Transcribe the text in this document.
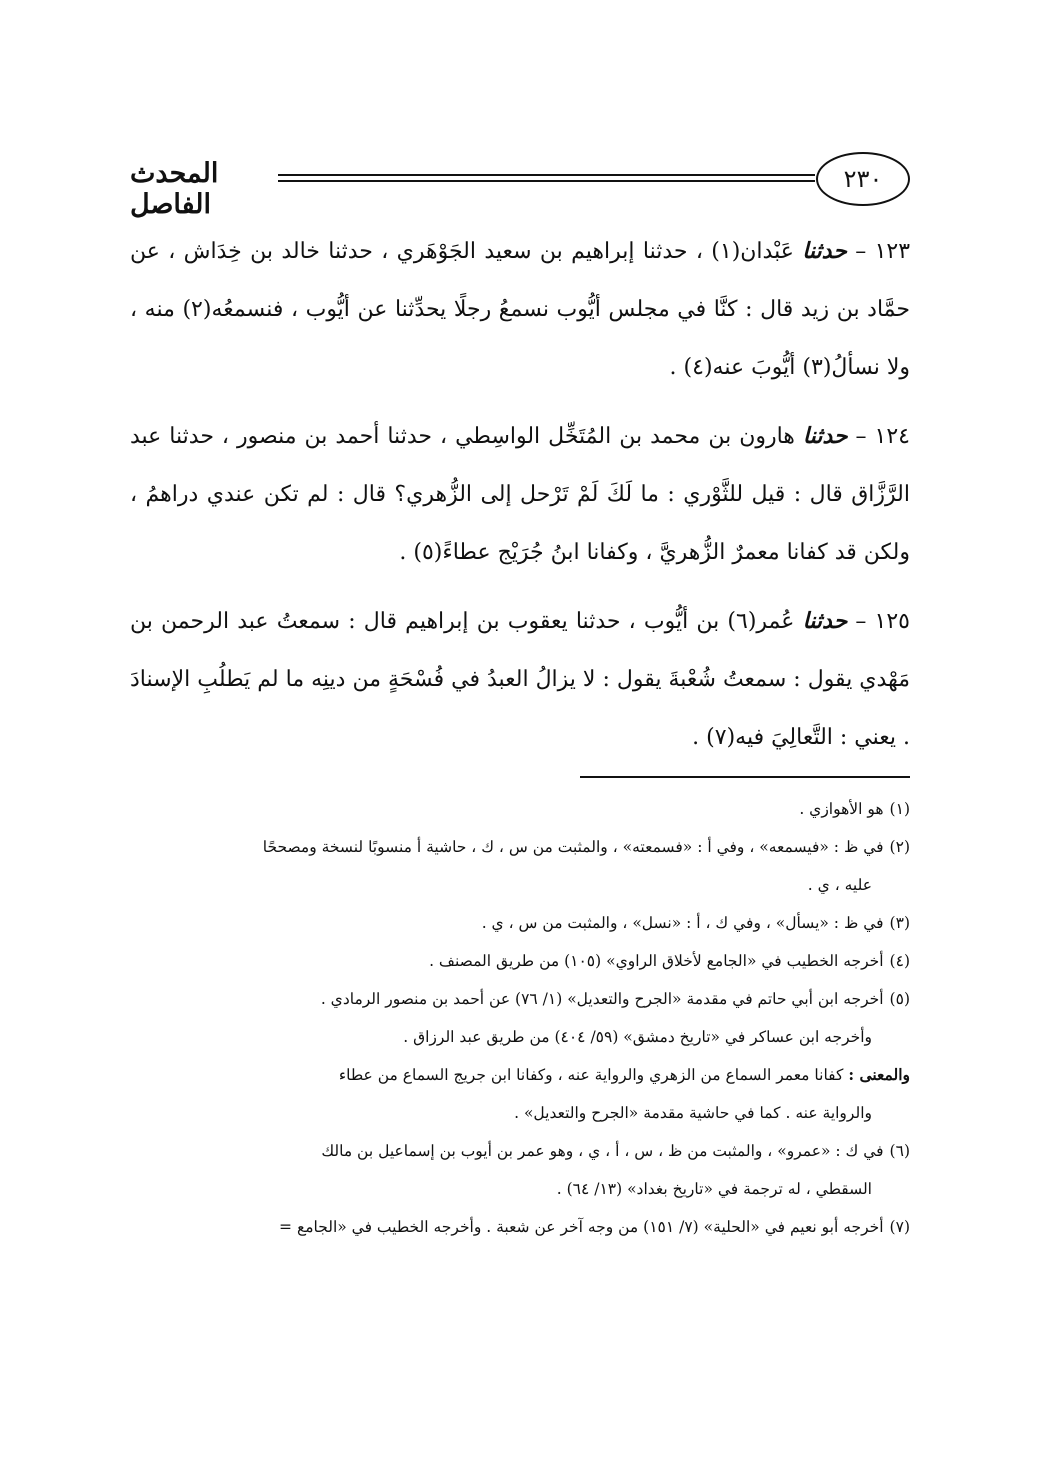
٢٣٠
المحدث الفاصل

١٢٣ – حدثنا عَبْدان(١) ، حدثنا إبراهيم بن سعيد الجَوْهَري ، حدثنا خالد بن خِدَاش ، عن حمَّاد بن زيد قال : كنَّا في مجلس أيُّوب نسمعُ رجلًا يحدِّثنا عن أيُّوب ، فنسمعُه(٢) منه ، ولا نسألُ(٣) أيُّوبَ عنه(٤) .

١٢٤ – حدثنا هارون بن محمد بن المُتَخِّل الواسِطي ، حدثنا أحمد بن منصور ، حدثنا عبد الرَّزَّاق قال : قيل للثَّوْري : ما لَكَ لَمْ تَرْحل إلى الزُّهري؟ قال : لم تكن عندي دراهمُ ، ولكن قد كفانا معمرٌ الزُّهريَّ ، وكفانا ابنُ جُرَيْج عطاءً(٥) .

١٢٥ – حدثنا عُمر(٦) بن أيُّوب ، حدثنا يعقوب بن إبراهيم قال : سمعتُ عبد الرحمن بن مَهْدي يقول : سمعتُ شُعْبةَ يقول : لا يزالُ العبدُ في فُسْحَةٍ من دينِه ما لم يَطلُبِ الإسنادَ . يعني : التَّعالِيَ فيه(٧) .

(١)هو الأهوازي .

(٢)في ظ : «فيسمعه» ، وفي أ : «فسمعته» ، والمثبت من س ، ك ، حاشية أ منسوبًا لنسخة ومصححًا
عليه ، ي .

(٣)في ظ : «يسأل» ، وفي ك ، أ : «نسل» ، والمثبت من س ، ي .

(٤)أخرجه الخطيب في «الجامع لأخلاق الراوي» (١٠٥) من طريق المصنف .

(٥)أخرجه ابن أبي حاتم في مقدمة «الجرح والتعديل» (١/ ٧٦) عن أحمد بن منصور الرمادي .
وأخرجه ابن عساكر في «تاريخ دمشق» (٥٩/ ٤٠٤) من طريق عبد الرزاق .

والمعنى : كفانا معمر السماع من الزهري والرواية عنه ، وكفانا ابن جريج السماع من عطاء
والرواية عنه . كما في حاشية مقدمة «الجرح والتعديل» .

(٦)في ك : «عمرو» ، والمثبت من ظ ، س ، أ ، ي ، وهو عمر بن أيوب بن إسماعيل بن مالك
السقطي ، له ترجمة في «تاريخ بغداد» (١٣/ ٦٤) .

(٧)أخرجه أبو نعيم في «الحلية» (٧/ ١٥١) من وجه آخر عن شعبة . وأخرجه الخطيب في «الجامع =
